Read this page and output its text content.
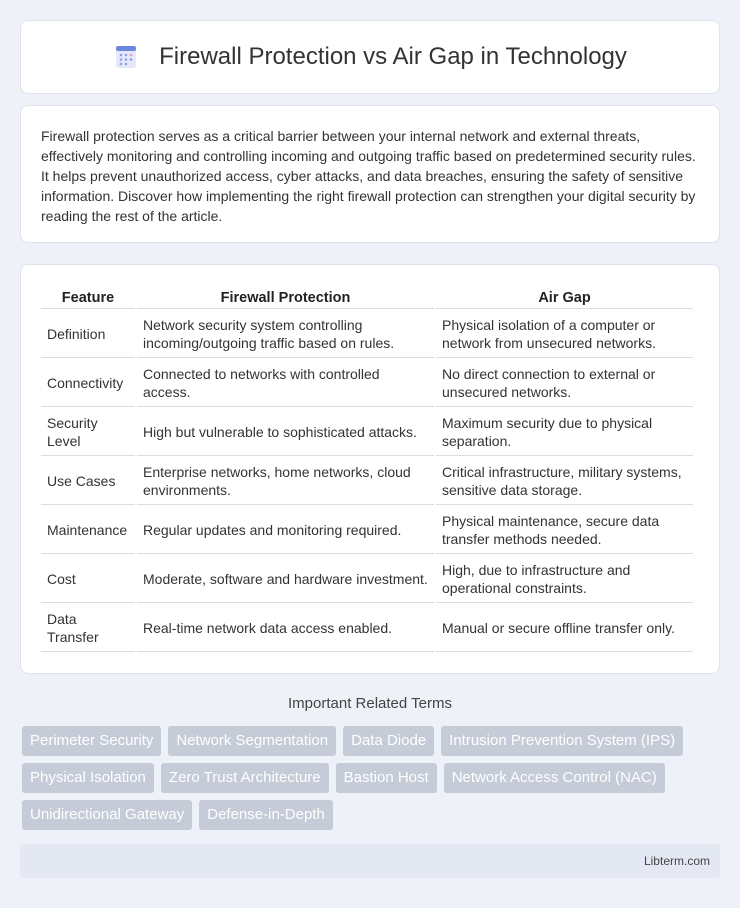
Firewall Protection vs Air Gap in Technology

Firewall protection serves as a critical barrier between your internal network and external threats, effectively monitoring and controlling incoming and outgoing traffic based on predetermined security rules. It helps prevent unauthorized access, cyber attacks, and data breaches, ensuring the safety of sensitive information. Discover how implementing the right firewall protection can strengthen your digital security by reading the rest of the article.

Feature	Firewall Protection	Air Gap
Definition	Network security system controlling incoming/outgoing traffic based on rules.	Physical isolation of a computer or network from unsecured networks.
Connectivity	Connected to networks with controlled access.	No direct connection to external or unsecured networks.
Security Level	High but vulnerable to sophisticated attacks.	Maximum security due to physical separation.
Use Cases	Enterprise networks, home networks, cloud environments.	Critical infrastructure, military systems, sensitive data storage.
Maintenance	Regular updates and monitoring required.	Physical maintenance, secure data transfer methods needed.
Cost	Moderate, software and hardware investment.	High, due to infrastructure and operational constraints.
Data Transfer	Real-time network data access enabled.	Manual or secure offline transfer only.
Important Related Terms
Perimeter Security	Network Segmentation	Data Diode	Intrusion Prevention System (IPS)
Physical Isolation	Zero Trust Architecture	Bastion Host	Network Access Control (NAC)
Unidirectional Gateway	Defense-in-Depth
Libterm.com
